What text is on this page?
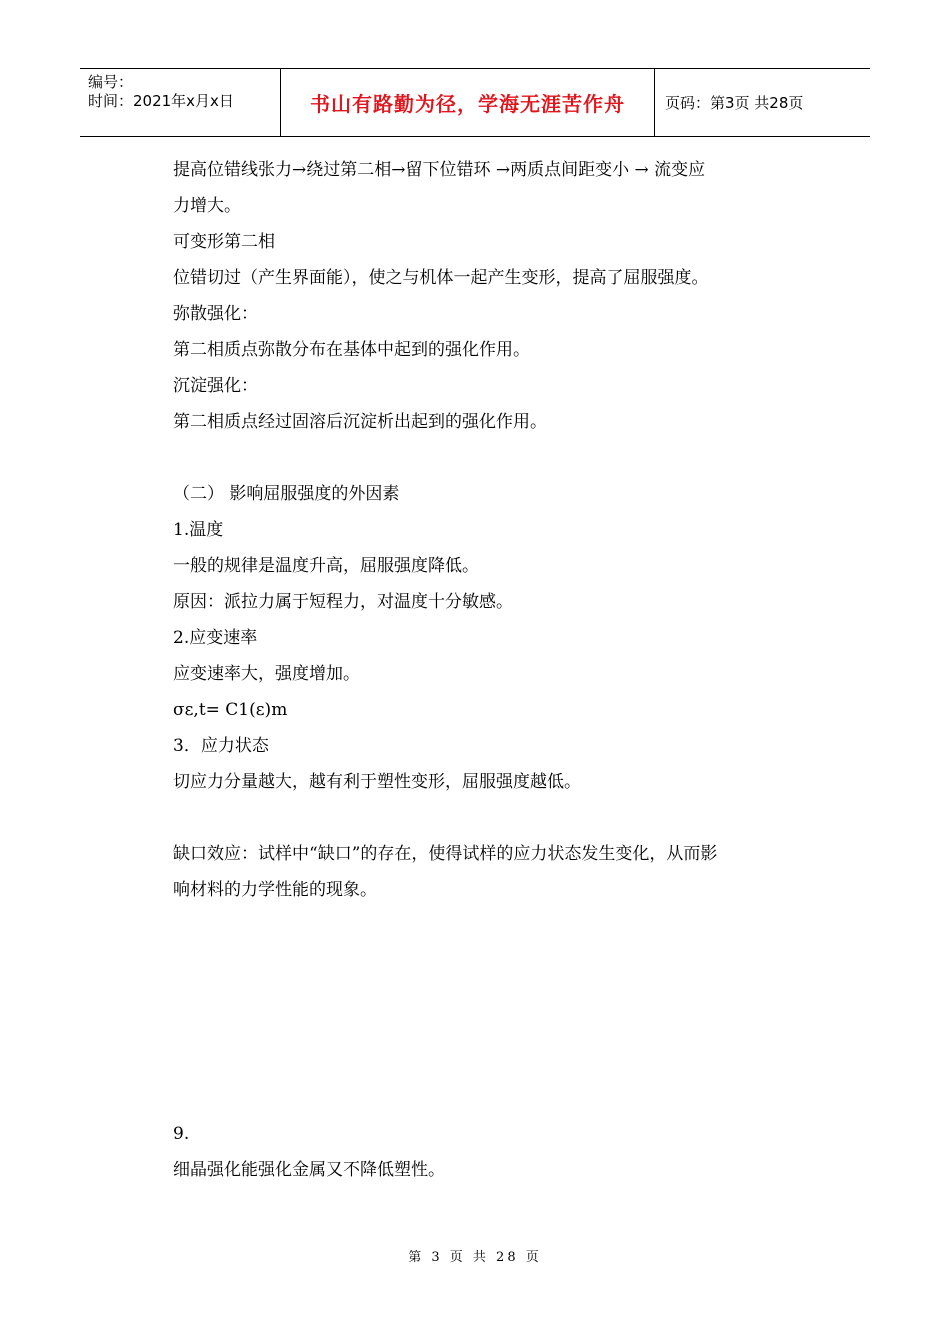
编号：
时间：2021年x月x日	书山有路勤为径，学海无涯苦作舟	页码：第3页 共28页
提高位错线张力→绕过第二相→留下位错环 →两质点间距变小 → 流变应
力增大。
可变形第二相
位错切过（产生界面能），使之与机体一起产生变形，提高了屈服强度。
弥散强化：
第二相质点弥散分布在基体中起到的强化作用。
沉淀强化：
第二相质点经过固溶后沉淀析出起到的强化作用。
（二） 影响屈服强度的外因素
1.温度
一般的规律是温度升高，屈服强度降低。
原因：派拉力属于短程力，对温度十分敏感。
2.应变速率
应变速率大，强度增加。
σε,t= C1(ε)m
3．应力状态
切应力分量越大，越有利于塑性变形，屈服强度越低。
缺口效应：试样中“缺口”的存在，使得试样的应力状态发生变化，从而影
响材料的力学性能的现象。
9.
细晶强化能强化金属又不降低塑性。
第 3 页 共 28 页
